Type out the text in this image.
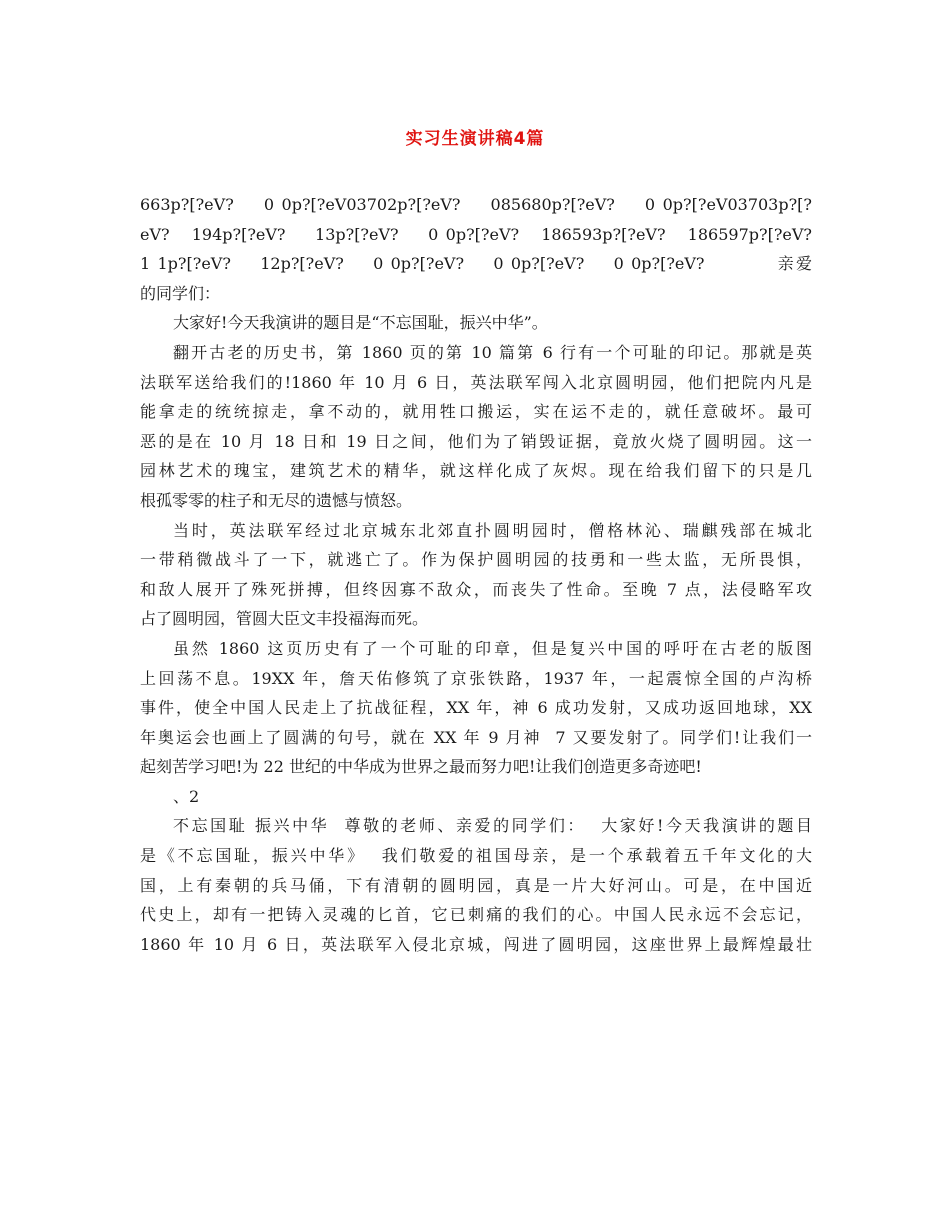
实习生演讲稿4篇
663p?[?eV?    0 0p?[?eV03702p?[?eV?    085680p?[?eV?    0 0p?[?eV03703p?[?
eV?   194p?[?eV?    13p?[?eV?    0 0p?[?eV?   186593p?[?eV?   186597p?[?eV?
1 1p?[?eV?    12p?[?eV?    0 0p?[?eV?    0 0p?[?eV?    0 0p?[?eV?          亲爱
的同学们：
大家好!今天我演讲的题目是“不忘国耻，振兴中华”。
翻开古老的历史书，第 1860 页的第 10 篇第 6 行有一个可耻的印记。那就是英
法联军送给我们的!1860 年 10 月 6 日，英法联军闯入北京圆明园，他们把院内凡是
能拿走的统统掠走，拿不动的，就用牲口搬运，实在运不走的，就任意破坏。最可
恶的是在 10 月 18 日和 19 日之间，他们为了销毁证据，竟放火烧了圆明园。这一
园林艺术的瑰宝，建筑艺术的精华，就这样化成了灰烬。现在给我们留下的只是几
根孤零零的柱子和无尽的遗憾与愤怒。
当时，英法联军经过北京城东北郊直扑圆明园时，僧格林沁、瑞麒残部在城北
一带稍微战斗了一下，就逃亡了。作为保护圆明园的技勇和一些太监，无所畏惧，
和敌人展开了殊死拼搏，但终因寡不敌众，而丧失了性命。至晚 7 点，法侵略军攻
占了圆明园，管圆大臣文丰投福海而死。
虽然 1860 这页历史有了一个可耻的印章，但是复兴中国的呼吁在古老的版图
上回荡不息。19XX 年，詹天佑修筑了京张铁路，1937 年，一起震惊全国的卢沟桥
事件，使全中国人民走上了抗战征程，XX 年，神 6 成功发射，又成功返回地球，XX
年奥运会也画上了圆满的句号，就在 XX 年 9 月神  7 又要发射了。同学们!让我们一
起刻苦学习吧!为 22 世纪的中华成为世界之最而努力吧!让我们创造更多奇迹吧!
、2
不忘国耻 振兴中华  尊敬的老师、亲爱的同学们：  大家好!今天我演讲的题目
是《不忘国耻，振兴中华》  我们敬爱的祖国母亲，是一个承载着五千年文化的大
国，上有秦朝的兵马俑，下有清朝的圆明园，真是一片大好河山。可是，在中国近
代史上，却有一把铸入灵魂的匕首，它已刺痛的我们的心。中国人民永远不会忘记，
1860 年 10 月 6 日，英法联军入侵北京城，闯进了圆明园，这座世界上最辉煌最壮
